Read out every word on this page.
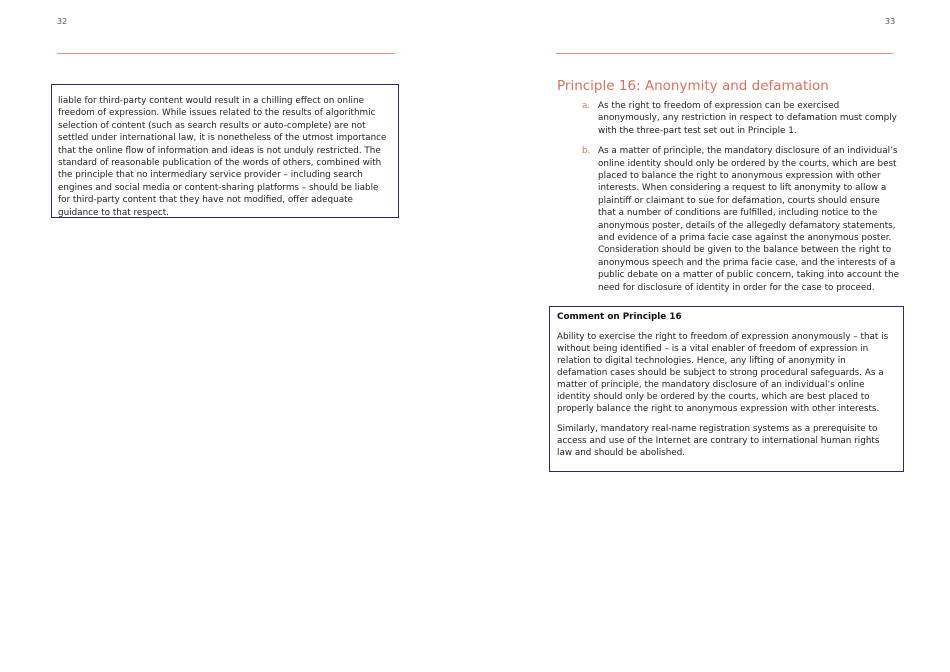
32

liable for third-party content would result in a chilling effect on online freedom of expression. While issues related to the results of algorithmic selection of content (such as search results or auto-complete) are not settled under international law, it is nonetheless of the utmost importance that the online flow of information and ideas is not unduly restricted. The standard of reasonable publication of the words of others, combined with the principle that no intermediary service provider – including search engines and social media or content-sharing platforms – should be liable for third-party content that they have not modified, offer adequate guidance to that respect.

33
Principle 16: Anonymity and defamation
a. As the right to freedom of expression can be exercised anonymously, any restriction in respect to defamation must comply with the three-part test set out in Principle 1.

b. As a matter of principle, the mandatory disclosure of an individual’s online identity should only be ordered by the courts, which are best placed to balance the right to anonymous expression with other interests. When considering a request to lift anonymity to allow a plaintiff or claimant to sue for defamation, courts should ensure that a number of conditions are fulfilled, including notice to the anonymous poster, details of the allegedly defamatory statements, and evidence of a prima facie case against the anonymous poster. Consideration should be given to the balance between the right to anonymous speech and the prima facie case, and the interests of a public debate on a matter of public concern, taking into account the need for disclosure of identity in order for the case to proceed.

Comment on Principle 16

Ability to exercise the right to freedom of expression anonymously – that is without being identified – is a vital enabler of freedom of expression in relation to digital technologies. Hence, any lifting of anonymity in defamation cases should be subject to strong procedural safeguards. As a matter of principle, the mandatory disclosure of an individual’s online identity should only be ordered by the courts, which are best placed to properly balance the right to anonymous expression with other interests.

Similarly, mandatory real-name registration systems as a prerequisite to access and use of the Internet are contrary to international human rights law and should be abolished.
